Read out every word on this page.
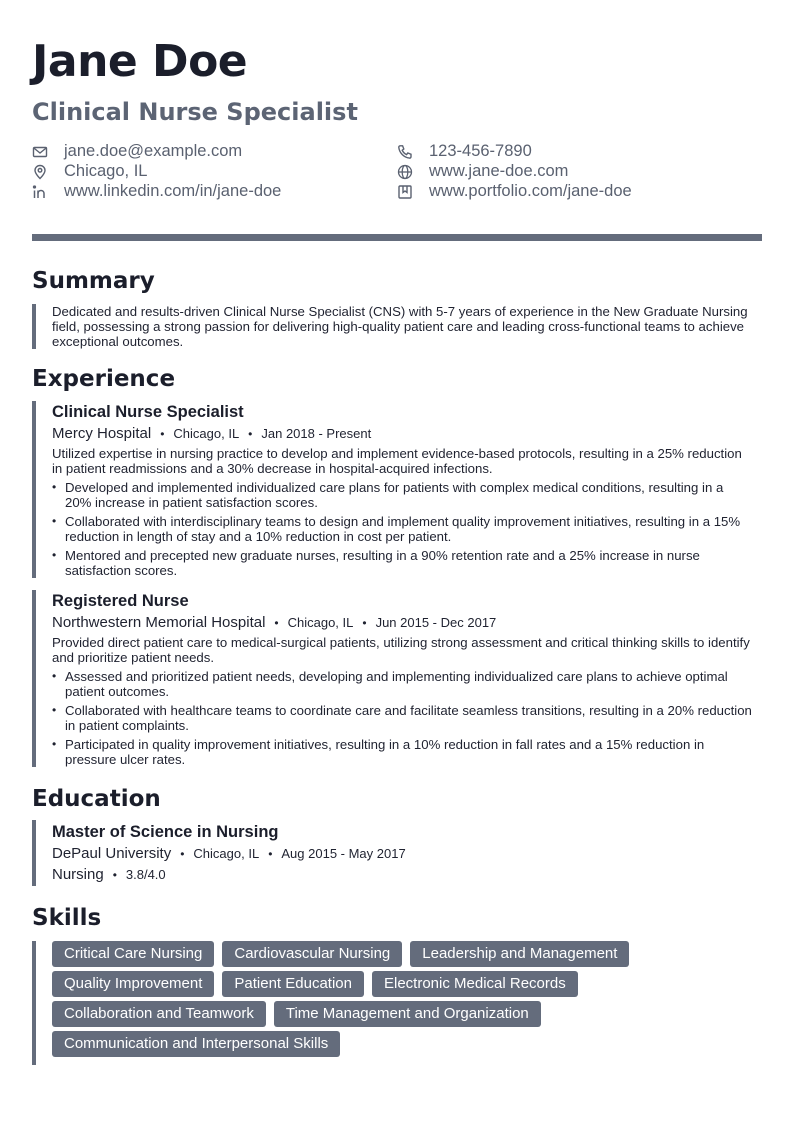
Jane Doe
Clinical Nurse Specialist
jane.doe@example.com	123-456-7890
Chicago, IL	www.jane-doe.com
www.linkedin.com/in/jane-doe	www.portfolio.com/jane-doe
Summary
Dedicated and results-driven Clinical Nurse Specialist (CNS) with 5-7 years of experience in the New Graduate Nursing field, possessing a strong passion for delivering high-quality patient care and leading cross-functional teams to achieve exceptional outcomes.
Experience
Clinical Nurse Specialist
Mercy Hospital • Chicago, IL • Jan 2018 - Present
Utilized expertise in nursing practice to develop and implement evidence-based protocols, resulting in a 25% reduction in patient readmissions and a 30% decrease in hospital-acquired infections.
• Developed and implemented individualized care plans for patients with complex medical conditions, resulting in a 20% increase in patient satisfaction scores.
• Collaborated with interdisciplinary teams to design and implement quality improvement initiatives, resulting in a 15% reduction in length of stay and a 10% reduction in cost per patient.
• Mentored and precepted new graduate nurses, resulting in a 90% retention rate and a 25% increase in nurse satisfaction scores.
Registered Nurse
Northwestern Memorial Hospital • Chicago, IL • Jun 2015 - Dec 2017
Provided direct patient care to medical-surgical patients, utilizing strong assessment and critical thinking skills to identify and prioritize patient needs.
• Assessed and prioritized patient needs, developing and implementing individualized care plans to achieve optimal patient outcomes.
• Collaborated with healthcare teams to coordinate care and facilitate seamless transitions, resulting in a 20% reduction in patient complaints.
• Participated in quality improvement initiatives, resulting in a 10% reduction in fall rates and a 15% reduction in pressure ulcer rates.
Education
Master of Science in Nursing
DePaul University • Chicago, IL • Aug 2015 - May 2017
Nursing • 3.8/4.0
Skills
Critical Care Nursing	Cardiovascular Nursing	Leadership and Management
Quality Improvement	Patient Education	Electronic Medical Records
Collaboration and Teamwork	Time Management and Organization
Communication and Interpersonal Skills
